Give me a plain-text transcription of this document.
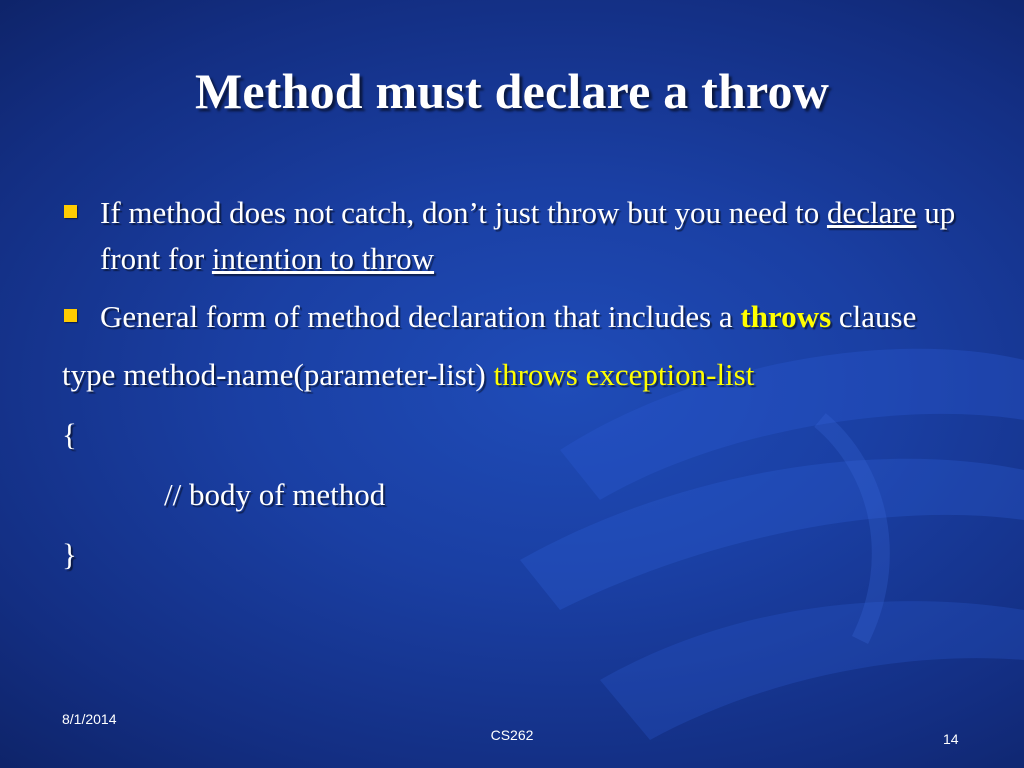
Method must declare a throw
If method does not catch, don’t just throw but you need to declare up front for intention to throw
General form of method declaration that includes a throws clause
type method-name(parameter-list) throws exception-list
{
// body of method
}
8/1/2014
CS262	14
